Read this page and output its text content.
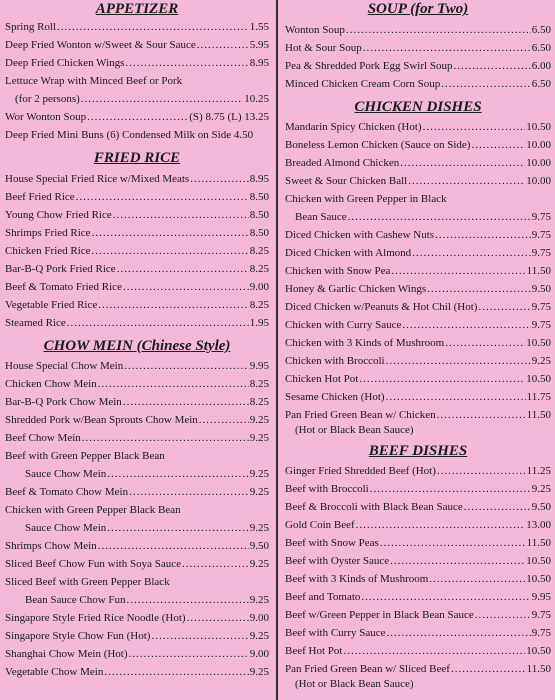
APPETIZER
Spring Roll .....	1.55
Deep Fried Wonton w/Sweet & Sour Sauce .....	5.95
Deep Fried Chicken Wings .....	8.95
Lettuce Wrap with Minced Beef or Pork
(for 2 persons) .....	10.25
Wor Wonton Soup .....	(S) 8.75 (L) 13.25
Deep Fried Mini Buns (6) Condensed Milk on Side 4.50
FRIED RICE
House Special Fried Rice w/Mixed Meats .....	8.95
Beef Fried Rice .....	8.50
Young Chow Fried Rice .....	8.50
Shrimps Fried Rice .....	8.50
Chicken Fried Rice .....	8.25
Bar-B-Q Pork Fried Rice .....	8.25
Beef & Tomato Fried Rice .....	9.00
Vegetable Fried Rice .....	8.25
Steamed Rice .....	1.95
CHOW MEIN (Chinese Style)
House Special Chow Mein .....	9.95
Chicken Chow Mein .....	8.25
Bar-B-Q Pork Chow Mein .....	8.25
Shredded Pork w/Bean Sprouts Chow Mein .....	9.25
Beef Chow Mein .....	9.25
Beef with Green Pepper Black Bean
Sauce Chow Mein .....	9.25
Beef & Tomato Chow Mein .....	9.25
Chicken with Green Pepper Black Bean
Sauce Chow Mein .....	9.25
Shrimps Chow Mein .....	9.50
Sliced Beef Chow Fun with Soya Sauce .....	9.25
Sliced Beef with Green Pepper Black
Bean Sauce Chow Fun .....	9.25
Singapore Style Fried Rice Noodle (Hot) .....	9.00
Singapore Style Chow Fun (Hot) .....	9.25
Shanghai Chow Mein (Hot) .....	9.00
Vegetable Chow Mein .....	9.25
SOUP (for Two)
Wonton Soup .....	6.50
Hot & Sour Soup .....	6.50
Pea & Shredded Pork Egg Swirl Soup .....	6.00
Minced Chicken Cream Corn Soup .....	6.50
CHICKEN DISHES
Mandarin Spicy Chicken (Hot) .....	10.50
Boneless Lemon Chicken (Sauce on Side) .....	10.00
Breaded Almond Chicken .....	10.00
Sweet & Sour Chicken Ball .....	10.00
Chicken with Green Pepper in Black
Bean Sauce .....	9.75
Diced Chicken with Cashew Nuts .....	9.75
Diced Chicken with Almond .....	9.75
Chicken with Snow Pea .....	11.50
Honey & Garlic Chicken Wings .....	9.50
Diced Chicken w/Peanuts & Hot Chil (Hot) .....	9.75
Chicken with Curry Sauce .....	9.75
Chicken with 3 Kinds of Mushroom .....	10.50
Chicken with Broccoli .....	9.25
Chicken Hot Pot .....	10.50
Sesame Chicken (Hot) .....	11.75
Pan Fried Green Bean w/ Chicken .....	11.50
(Hot or Black Bean Sauce)
BEEF DISHES
Ginger Fried Shredded Beef (Hot) .....	11.25
Beef with Broccoli .....	9.25
Beef & Broccoli with Black Bean Sauce .....	9.50
Gold Coin Beef .....	13.00
Beef with Snow Peas .....	11.50
Beef with Oyster Sauce .....	10.50
Beef with 3 Kinds of Mushroom .....	10.50
Beef and Tomato .....	9.95
Beef w/Green Pepper in Black Bean Sauce .....	9.75
Beef with Curry Sauce .....	9.75
Beef Hot Pot .....	10.50
Pan Fried Green Bean w/ Sliced Beef .....	11.50
(Hot or Black Bean Sauce)
